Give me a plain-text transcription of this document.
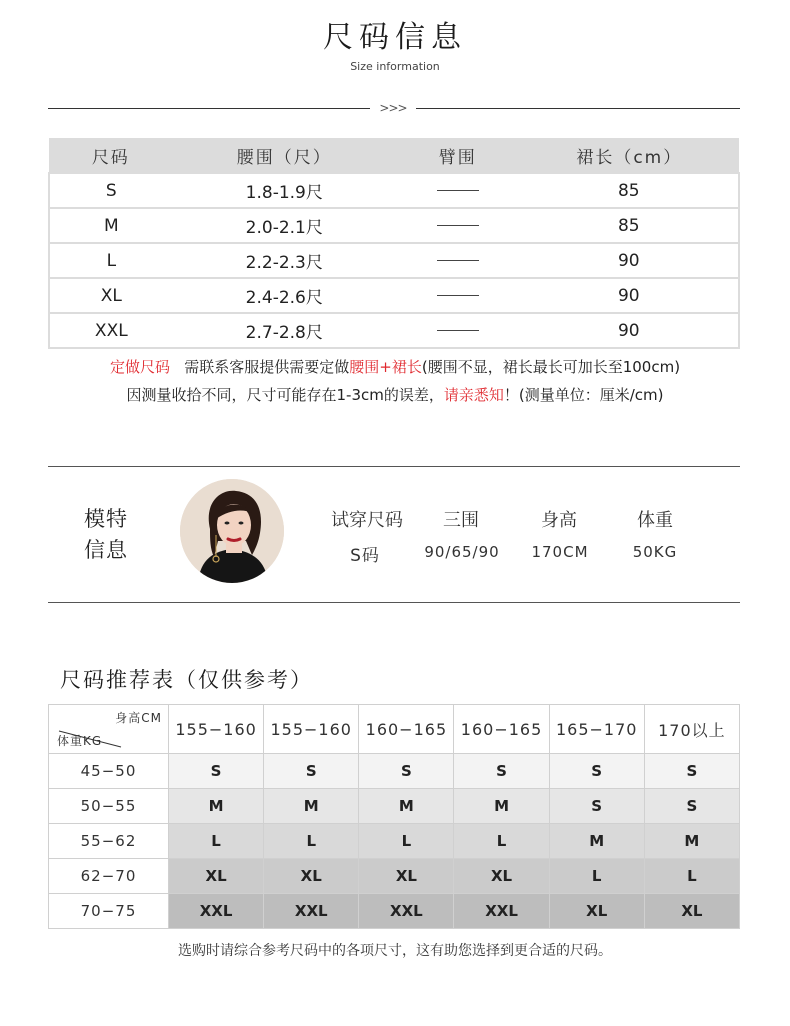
尺码信息
Size information
>>>
尺码	腰围（尺）	臂围	裙长（cm）
S	1.8-1.9尺		85
M	2.0-2.1尺		85
L	2.2-2.3尺		90
XL	2.4-2.6尺		90
XXL	2.7-2.8尺		90
定做尺码 需联系客服提供需要定做腰围+裙长(腰围不显，裙长最长可加长至100cm)
因测量收拾不同，尺寸可能存在1-3cm的误差，请亲悉知！(测量单位：厘米/cm)
模特
信息
试穿尺码	三围	身高	体重
S码	90/65/90	170CM	50KG
尺码推荐表（仅供参考）
身高CM
体重KG	155−160	155−160	160−165	160−165	165−170	170以上
45−50	S	S	S	S	S	S
50−55	M	M	M	M	S	S
55−62	L	L	L	L	M	M
62−70	XL	XL	XL	XL	L	L
70−75	XXL	XXL	XXL	XXL	XL	XL
选购时请综合参考尺码中的各项尺寸，这有助您选择到更合适的尺码。
